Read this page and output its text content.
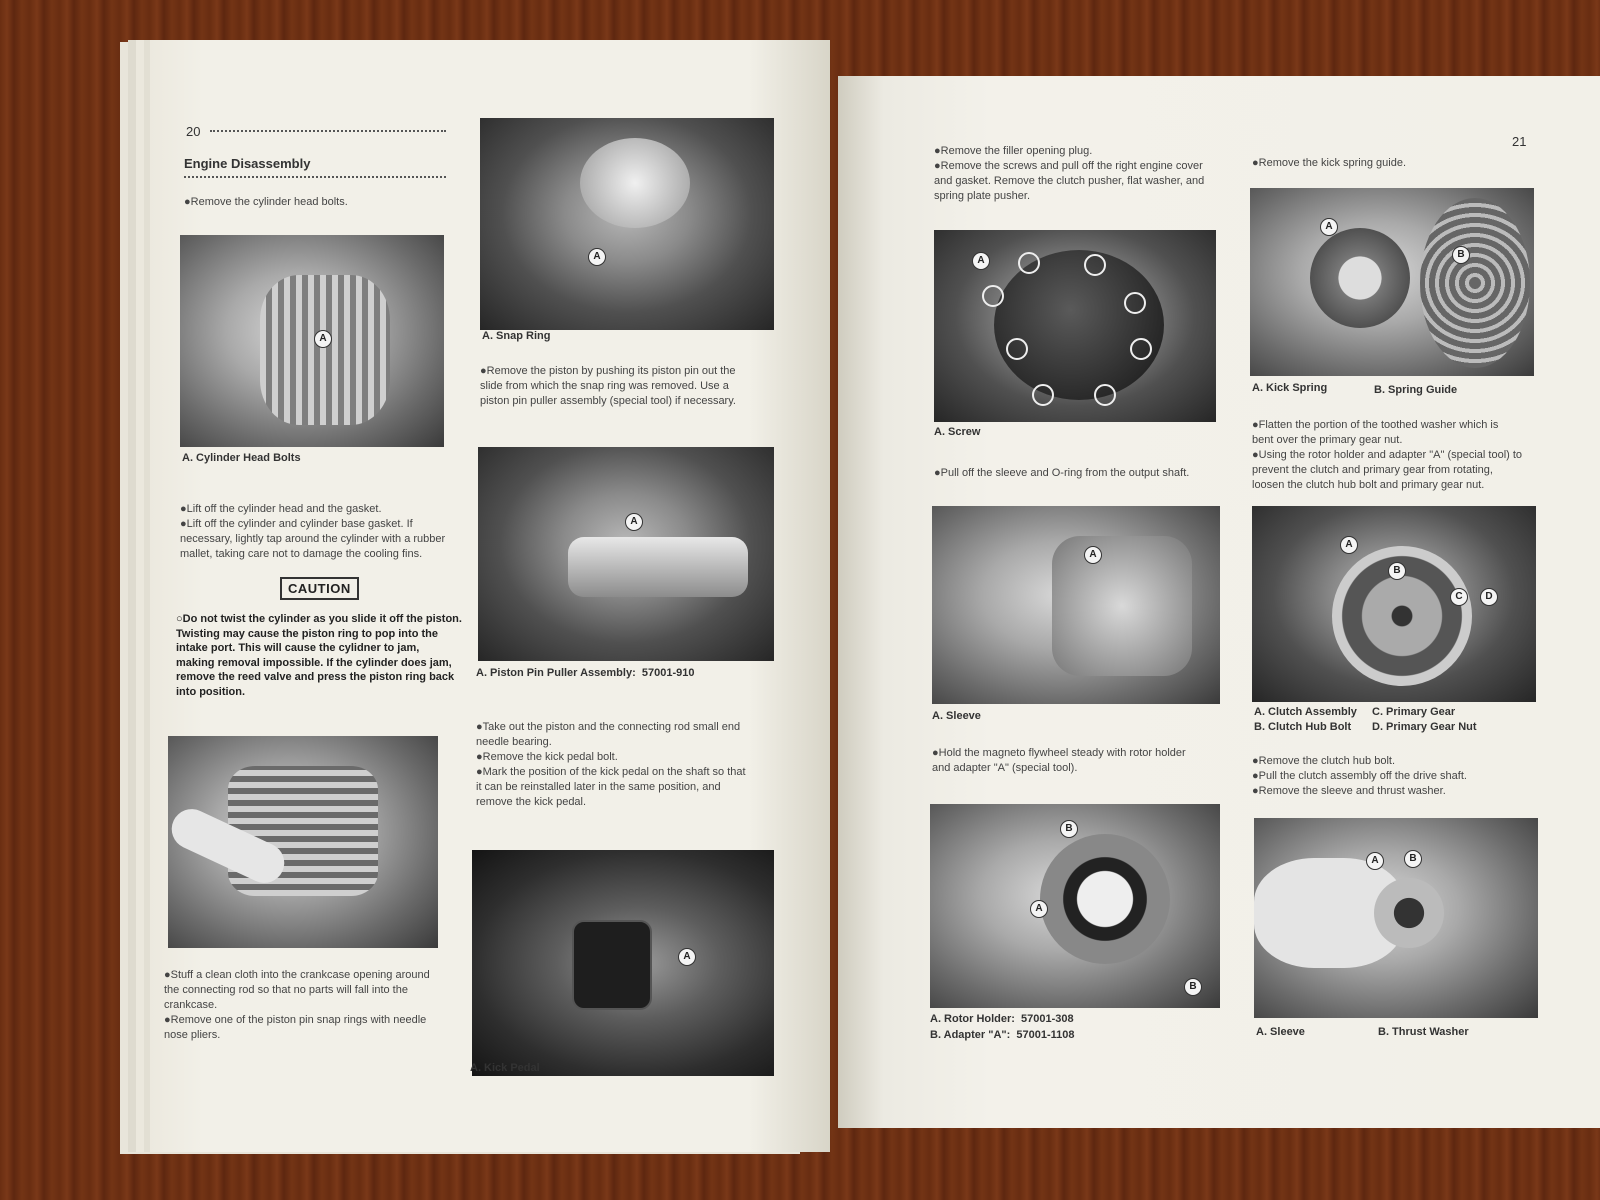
20
Engine Disassembly
●Remove the cylinder head bolts.
A
A. Cylinder Head Bolts
●Lift off the cylinder head and the gasket.
●Lift off the cylinder and cylinder base gasket. If
necessary, lightly tap around the cylinder with a rubber
mallet, taking care not to damage the cooling fins.
CAUTION
○Do not twist the cylinder as you slide it off the piston.
Twisting may cause the piston ring to pop into the
intake port. This will cause the cylidner to jam,
making removal impossible. If the cylinder does jam,
remove the reed valve and press the piston ring back
into position.
●Stuff a clean cloth into the crankcase opening around
the connecting rod so that no parts will fall into the
crankcase.
●Remove one of the piston pin snap rings with needle
nose pliers.
A
A. Snap Ring
●Remove the piston by pushing its piston pin out the
slide from which the snap ring was removed. Use a
piston pin puller assembly (special tool) if necessary.
A
A. Piston Pin Puller Assembly:  57001-910
●Take out the piston and the connecting rod small end
needle bearing.
●Remove the kick pedal bolt.
●Mark the position of the kick pedal on the shaft so that
it can be reinstalled later in the same position, and
remove the kick pedal.
A
A. Kick Pedal
21
●Remove the filler opening plug.
●Remove the screws and pull off the right engine cover
and gasket. Remove the clutch pusher, flat washer, and
spring plate pusher.
A
A. Screw
●Pull off the sleeve and O-ring from the output shaft.
A
A. Sleeve
●Hold the magneto flywheel steady with rotor holder
and adapter "A" (special tool).
B
A
B
A. Rotor Holder:  57001-308
B. Adapter "A":  57001-1108
●Remove the kick spring guide.
A
B
A. Kick Spring	B. Spring Guide
●Flatten the portion of the toothed washer which is
bent over the primary gear nut.
●Using the rotor holder and adapter "A" (special tool) to
prevent the clutch and primary gear from rotating,
loosen the clutch hub bolt and primary gear nut.
A
B
C	D
A. Clutch Assembly C. Primary Gear
B. Clutch Hub Bolt D. Primary Gear Nut
●Remove the clutch hub bolt.
●Pull the clutch assembly off the drive shaft.
●Remove the sleeve and thrust washer.
A	B
A. Sleeve	B. Thrust Washer
